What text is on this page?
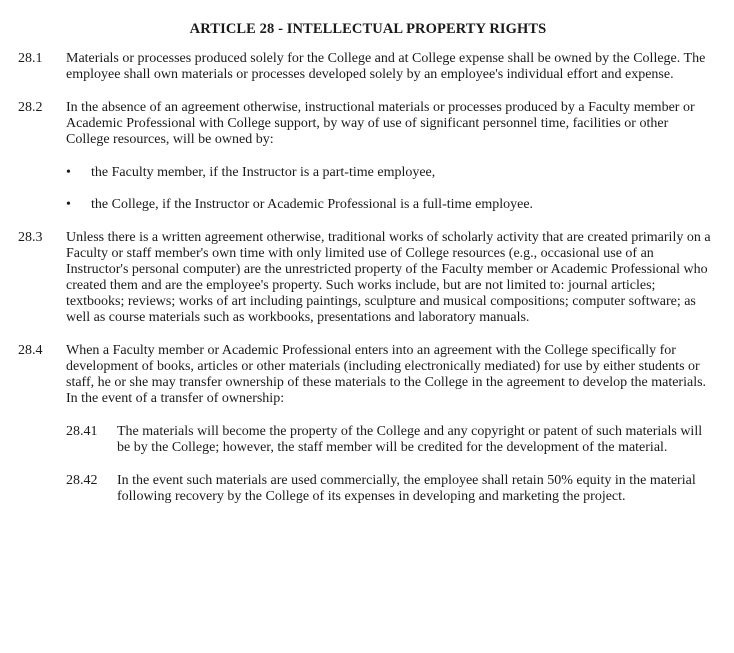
ARTICLE 28 - INTELLECTUAL PROPERTY RIGHTS
28.1	Materials or processes produced solely for the College and at College expense shall be owned by the College. The employee shall own materials or processes developed solely by an employee's individual effort and expense.

28.2	In the absence of an agreement otherwise, instructional materials or processes produced by a Faculty member or Academic Professional with College support, by way of use of significant personnel time, facilities or other College resources, will be owned by:

•	the Faculty member, if the Instructor is a part-time employee,
•	the College, if the Instructor or Academic Professional is a full-time employee.
28.3	Unless there is a written agreement otherwise, traditional works of scholarly activity that are created primarily on a Faculty or staff member's own time with only limited use of College resources (e.g., occasional use of an Instructor's personal computer) are the unrestricted property of the Faculty member or Academic Professional who created them and are the employee's property. Such works include, but are not limited to: journal articles; textbooks; reviews; works of art including paintings, sculpture and musical compositions; computer software; as well as course materials such as workbooks, presentations and laboratory manuals.

28.4	When a Faculty member or Academic Professional enters into an agreement with the College specifically for development of books, articles or other materials (including electronically mediated) for use by either students or staff, he or she may transfer ownership of these materials to the College in the agreement to develop the materials. In the event of a transfer of ownership:

28.41	The materials will become the property of the College and any copyright or patent of such materials will be by the College; however, the staff member will be credited for the development of the material.

28.42	In the event such materials are used commercially, the employee shall retain 50% equity in the material following recovery by the College of its expenses in developing and marketing the project.
